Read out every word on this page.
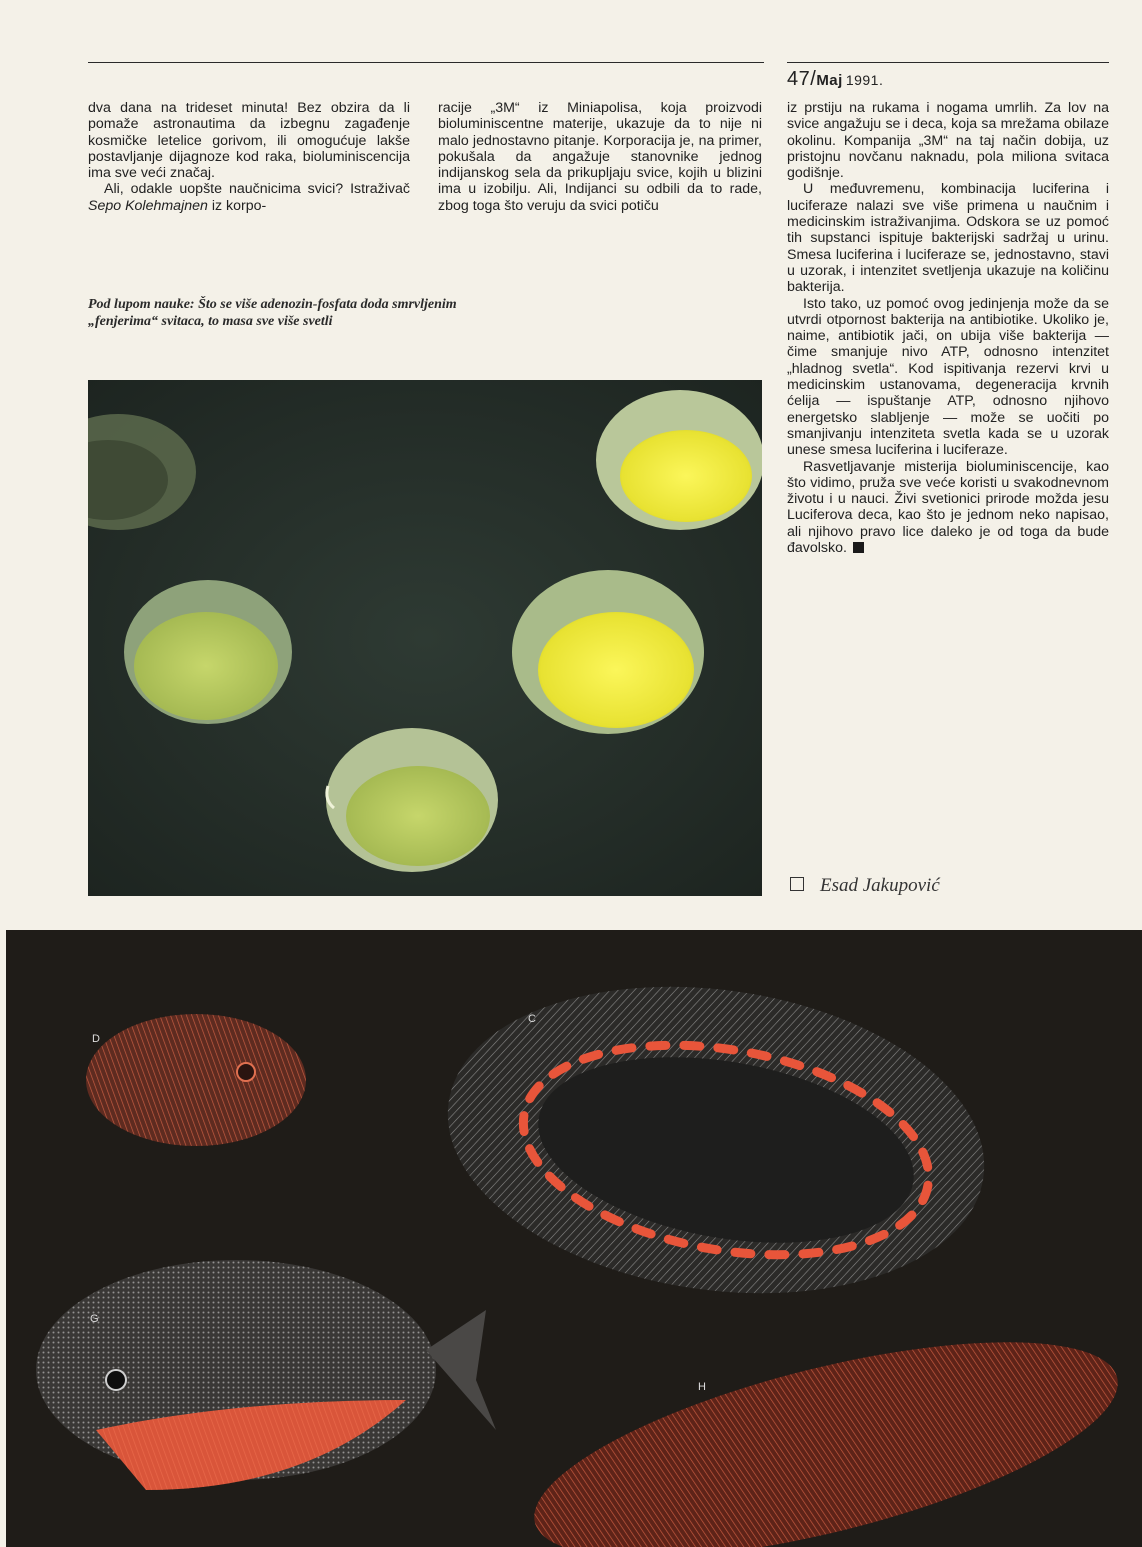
47/Maj 1991.

dva dana na trideset minuta! Bez obzira da li pomaže astronautima da izbegnu zagađenje kosmičke letelice gorivom, ili omogućuje lakše postavljanje dijagnoze kod raka, bioluminiscencija ima sve veći značaj.

Ali, odakle uopšte naučnicima svici? Istraživač Sepo Kolehmajnen iz korpo-

racije „3M“ iz Miniapolisa, koja proizvodi bioluminiscentne materije, ukazuje da to nije ni malo jednostavno pitanje. Korporacija je, na primer, pokušala da angažuje stanovnike jednog indijanskog sela da prikupljaju svice, kojih u blizini ima u izobilju. Ali, Indijanci su odbili da to rade, zbog toga što veruju da svici potiču

iz prstiju na rukama i nogama umrlih. Za lov na svice angažuju se i deca, koja sa mrežama obilaze okolinu. Kompanija „3M“ na taj način dobija, uz pristojnu novčanu naknadu, pola miliona svitaca godišnje.

U međuvremenu, kombinacija luciferina i luciferaze nalazi sve više primena u naučnim i medicinskim istraživanjima. Odskora se uz pomoć tih supstanci ispituje bakterijski sadržaj u urinu. Smesa luciferina i luciferaze se, jednostavno, stavi u uzorak, i intenzitet svetljenja ukazuje na količinu bakterija.

Isto tako, uz pomoć ovog jedinjenja može da se utvrdi otpornost bakterija na antibiotike. Ukoliko je, naime, antibiotik jači, on ubija više bakterija — čime smanjuje nivo ATP, odnosno intenzitet „hladnog svetla“. Kod ispitivanja rezervi krvi u medicinskim ustanovama, degeneracija krvnih ćelija — ispuštanje ATP, odnosno njihovo energetsko slabljenje — može se uočiti po smanjivanju intenziteta svetla kada se u uzorak unese smesa luciferina i luciferaze.

Rasvetljavanje misterija bioluminiscencije, kao što vidimo, pruža sve veće koristi u svakodnevnom životu i u nauci. Živi svetionici prirode možda jesu Luciferova deca, kao što je jednom neko napisao, ali njihovo pravo lice daleko je od toga da bude đavolsko.

Pod lupom nauke: Što se više adenozin-fosfata doda smrvljenim
„fenjerima“ svitaca, to masa sve više svetli
Esad Jakupović
D
C
G
H
